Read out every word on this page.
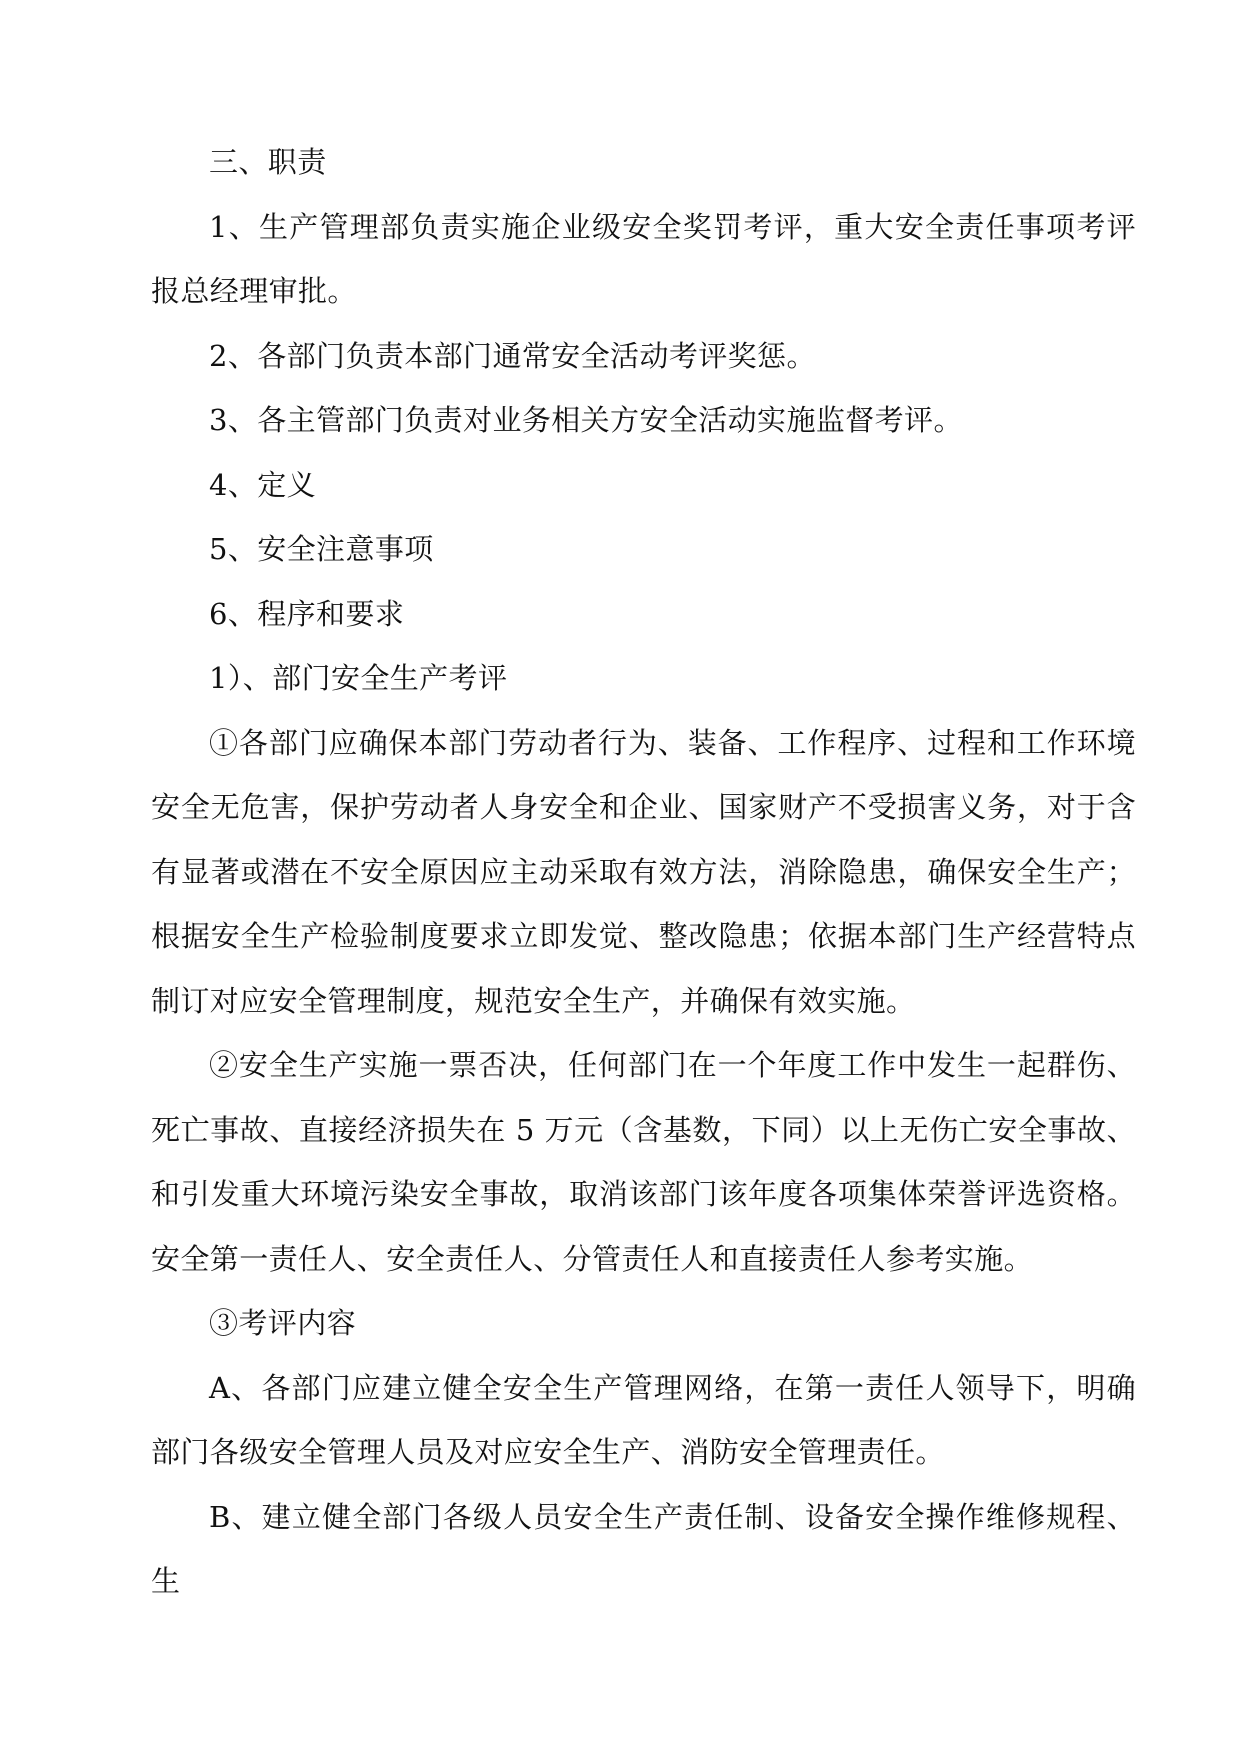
三、职责

1、生产管理部负责实施企业级安全奖罚考评，重大安全责任事项考评报总经理审批。

2、各部门负责本部门通常安全活动考评奖惩。

3、各主管部门负责对业务相关方安全活动实施监督考评。

4、定义

5、安全注意事项

6、程序和要求

1）、部门安全生产考评

①各部门应确保本部门劳动者行为、装备、工作程序、过程和工作环境安全无危害，保护劳动者人身安全和企业、国家财产不受损害义务，对于含有显著或潜在不安全原因应主动采取有效方法，消除隐患，确保安全生产；根据安全生产检验制度要求立即发觉、整改隐患；依据本部门生产经营特点制订对应安全管理制度，规范安全生产，并确保有效实施。

②安全生产实施一票否决，任何部门在一个年度工作中发生一起群伤、死亡事故、直接经济损失在 5 万元（含基数，下同）以上无伤亡安全事故、和引发重大环境污染安全事故，取消该部门该年度各项集体荣誉评选资格。安全第一责任人、安全责任人、分管责任人和直接责任人参考实施。

③考评内容

A、各部门应建立健全安全生产管理网络，在第一责任人领导下，明确部门各级安全管理人员及对应安全生产、消防安全管理责任。

B、建立健全部门各级人员安全生产责任制、设备安全操作维修规程、生
